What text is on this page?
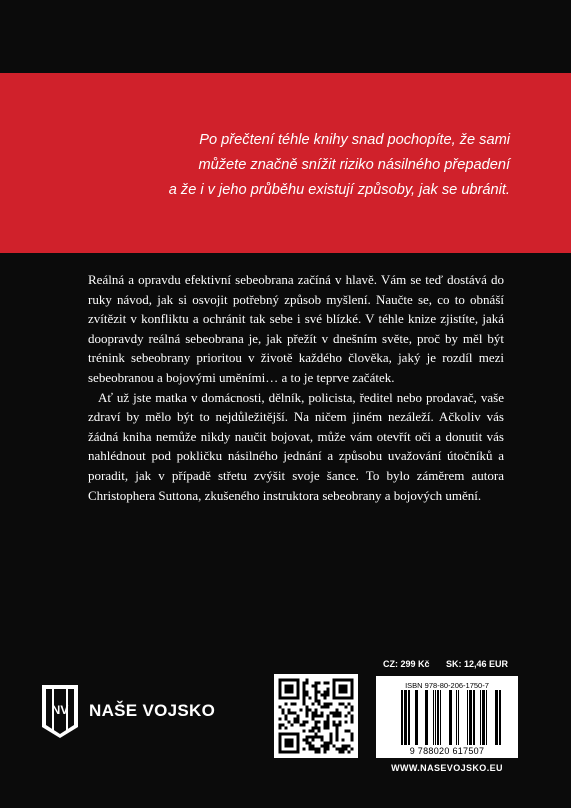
Po přečtení téhle knihy snad pochopíte, že sami
můžete značně snížit riziko násilného přepadení
a že i v jeho průběhu existují způsoby, jak se ubránit.

Reálná a opravdu efektivní sebeobrana začíná v hlavě. Vám se teď dostává do ruky návod, jak si osvojit potřebný způsob myšlení. Naučte se, co to obnáší zvítězit v konfliktu a ochránit tak sebe i své blízké. V téhle knize zjistíte, jaká doopravdy reálná sebeobrana je, jak přežít v dnešním světe, proč by měl být trénink sebeobrany prioritou v životě každého člověka, jaký je rozdíl mezi sebeobranou a bojovými uměními… a to je teprve začátek.

Ať už jste matka v domácnosti, dělník, policista, ředitel nebo prodavač, vaše zdraví by mělo být to nejdůležitější. Na ničem jiném nezáleží. Ačkoliv vás žádná kniha nemůže nikdy naučit bojovat, může vám otevřít oči a donutit vás nahlédnout pod pokličku násilného jednání a způsobu uvažování útočníků a poradit, jak v případě střetu zvýšit svoje šance. To bylo záměrem autora Christophera Suttona, zkušeného instruktora sebeobrany a bojových umění.

NV NAŠE VOJSKO
CZ: 299 Kč SK: 12,46 EUR
ISBN 978-80-206-1750-7
9 788020 617507
WWW.NASEVOJSKO.EU
